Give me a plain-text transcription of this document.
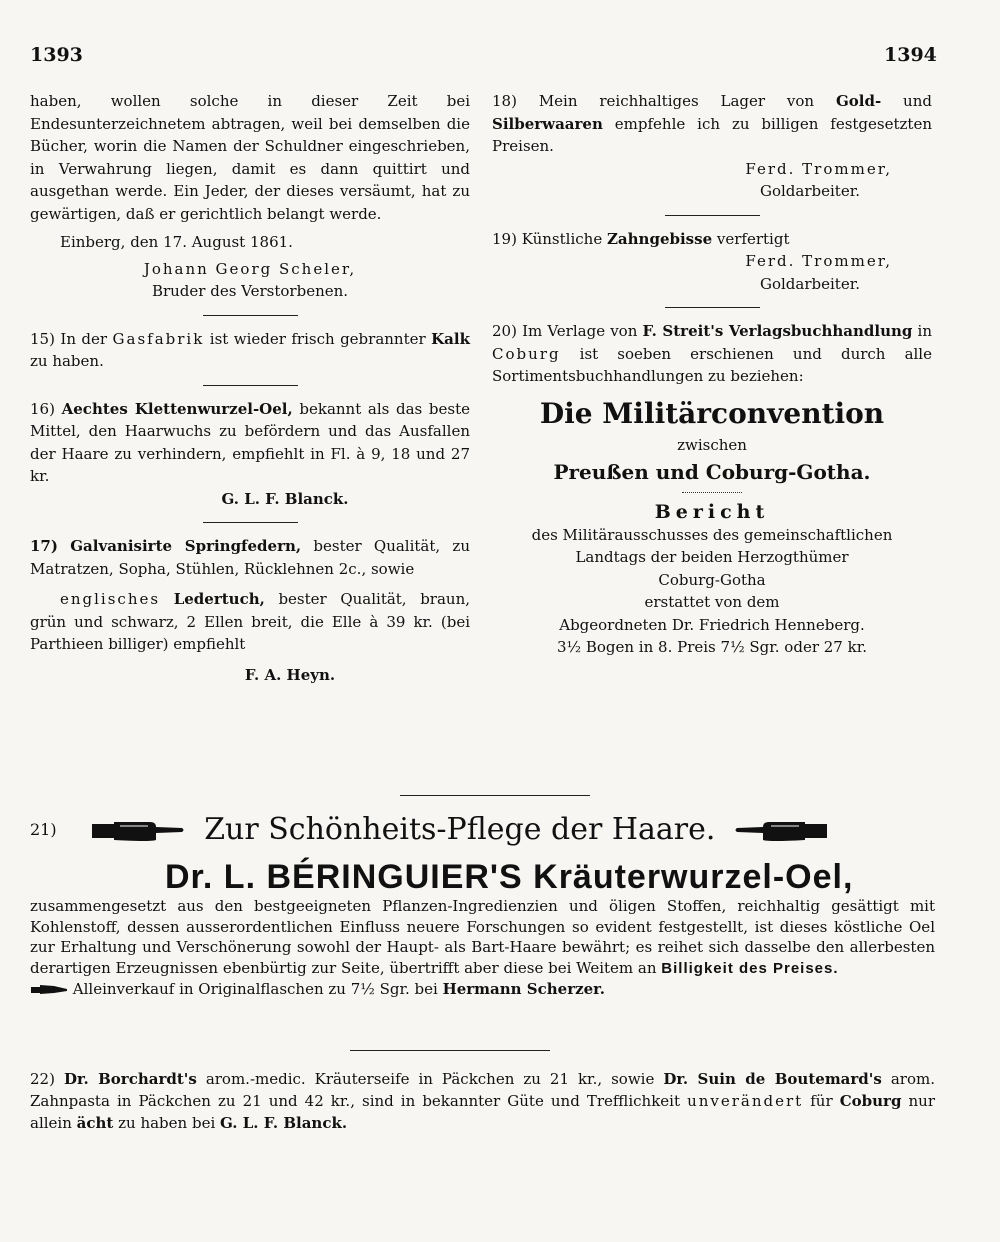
1393	1394
haben, wollen solche in dieser Zeit bei Endesunterzeichnetem abtragen, weil bei demselben die Bücher, worin die Namen der Schuldner eingeschrieben, in Verwahrung liegen, damit es dann quittirt und ausgethan werde. Ein Jeder, der dieses versäumt, hat zu gewärtigen, daß er gerichtlich belangt werde.
Einberg, den 17. August 1861.
Johann Georg Scheler,
Bruder des Verstorbenen.
15) In der Gasfabrik ist wieder frisch gebrannter Kalk zu haben.
16) Aechtes Klettenwurzel-Oel, bekannt als das beste Mittel, den Haarwuchs zu befördern und das Ausfallen der Haare zu verhindern, empfiehlt in Fl. à 9, 18 und 27 kr.
G. L. F. Blanck.
17) Galvanisirte Springfedern, bester Qualität, zu Matratzen, Sopha, Stühlen, Rücklehnen 2c., sowie
englisches Ledertuch, bester Qualität, braun, grün und schwarz, 2 Ellen breit, die Elle à 39 kr. (bei Parthieen billiger) empfiehlt
F. A. Heyn.
18) Mein reichhaltiges Lager von Gold- und Silberwaaren empfehle ich zu billigen festgesetzten Preisen.
Ferd. Trommer,
Goldarbeiter.
19) Künstliche Zahngebisse verfertigt
Ferd. Trommer,
Goldarbeiter.
20) Im Verlage von F. Streit's Verlagsbuchhandlung in Coburg ist soeben erschienen und durch alle Sortimentsbuchhandlungen zu beziehen:
Die Militärconvention
zwischen
Preußen und Coburg-Gotha.
Bericht
des Militärausschusses des gemeinschaftlichen
Landtags der beiden Herzogthümer
Coburg-Gotha
erstattet von dem
Abgeordneten Dr. Friedrich Henneberg.
3½ Bogen in 8. Preis 7½ Sgr. oder 27 kr.
21)	Zur Schönheits-Pflege der Haare.
Dr. L. BÉRINGUIER'S Kräuterwurzel-Oel,
zusammengesetzt aus den bestgeeigneten Pflanzen-Ingredienzien und öligen Stoffen, reichhaltig gesättigt mit Kohlenstoff, dessen ausserordentlichen Einfluss neuere Forschungen so evident festgestellt, ist dieses köstliche Oel zur Erhaltung und Verschönerung sowohl der Haupt- als Bart-Haare bewährt; es reihet sich dasselbe den allerbesten derartigen Erzeugnissen ebenbürtig zur Seite, übertrifft aber diese bei Weitem an Billigkeit des Preises.
Alleinverkauf in Originalflaschen zu 7½ Sgr. bei Hermann Scherzer.
22) Dr. Borchardt's arom.-medic. Kräuterseife in Päckchen zu 21 kr., sowie Dr. Suin de Boutemard's arom. Zahnpasta in Päckchen zu 21 und 42 kr., sind in bekannter Güte und Trefflichkeit unverändert für Coburg nur allein ächt zu haben bei G. L. F. Blanck.
